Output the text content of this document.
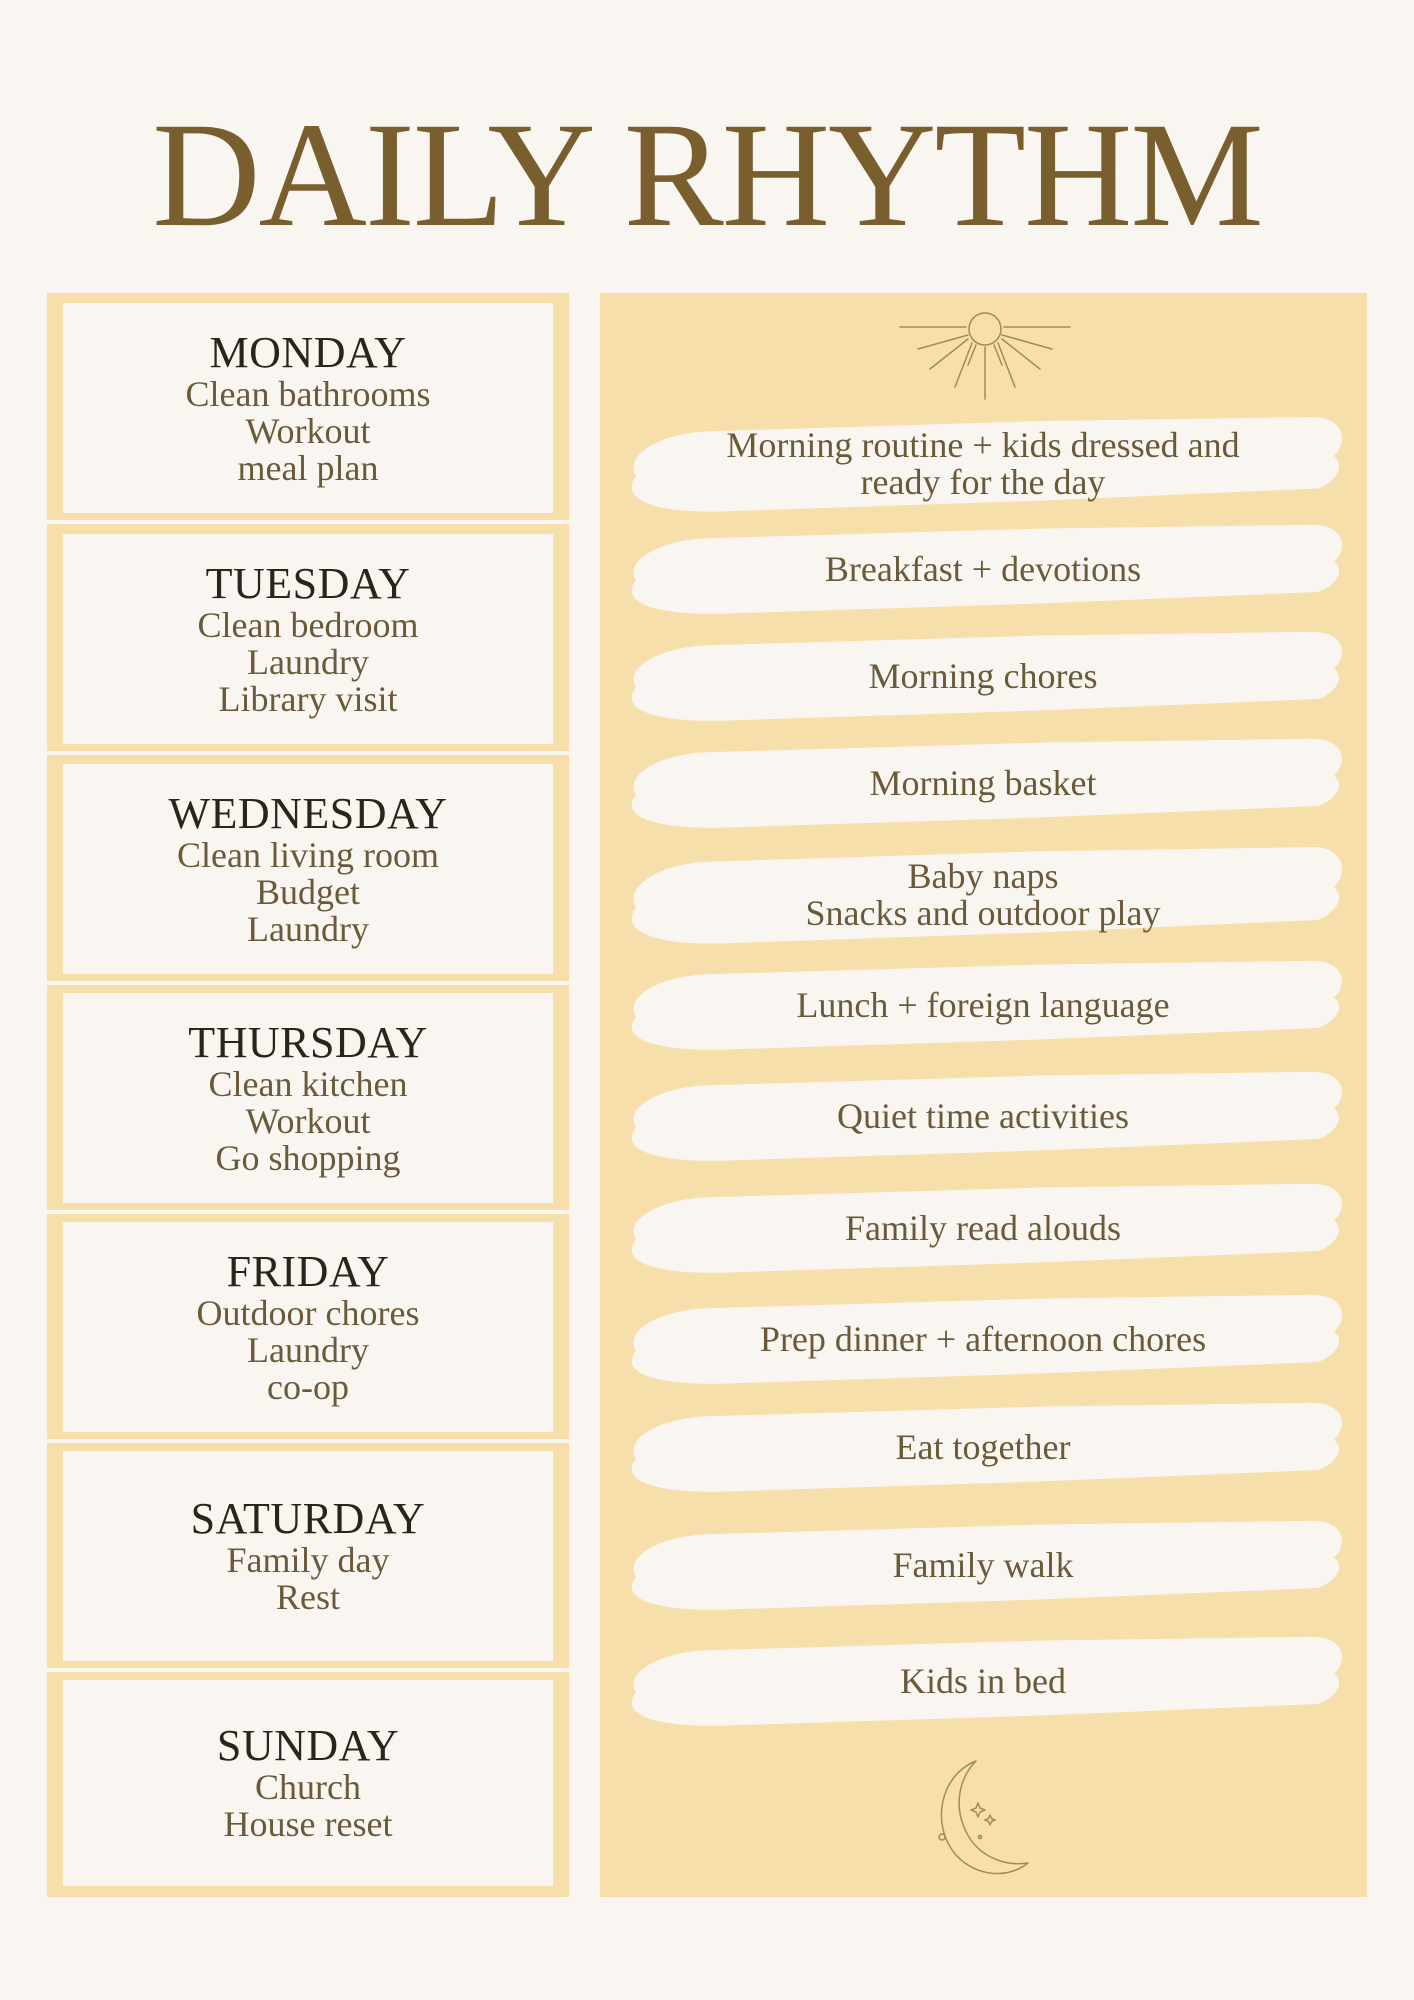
DAILY RHYTHM
MONDAY
Clean bathrooms
Workout
meal plan
TUESDAY
Clean bedroom
Laundry
Library visit
WEDNESDAY
Clean living room
Budget
Laundry
THURSDAY
Clean kitchen
Workout
Go shopping
FRIDAY
Outdoor chores
Laundry
co-op
SATURDAY
Family day
Rest
SUNDAY
Church
House reset
Morning routine + kids dressed and
ready for the day
Breakfast + devotions
Morning chores
Morning basket
Baby naps
Snacks and outdoor play
Lunch + foreign language
Quiet time activities
Family read alouds
Prep dinner + afternoon chores
Eat together
Family walk
Kids in bed
